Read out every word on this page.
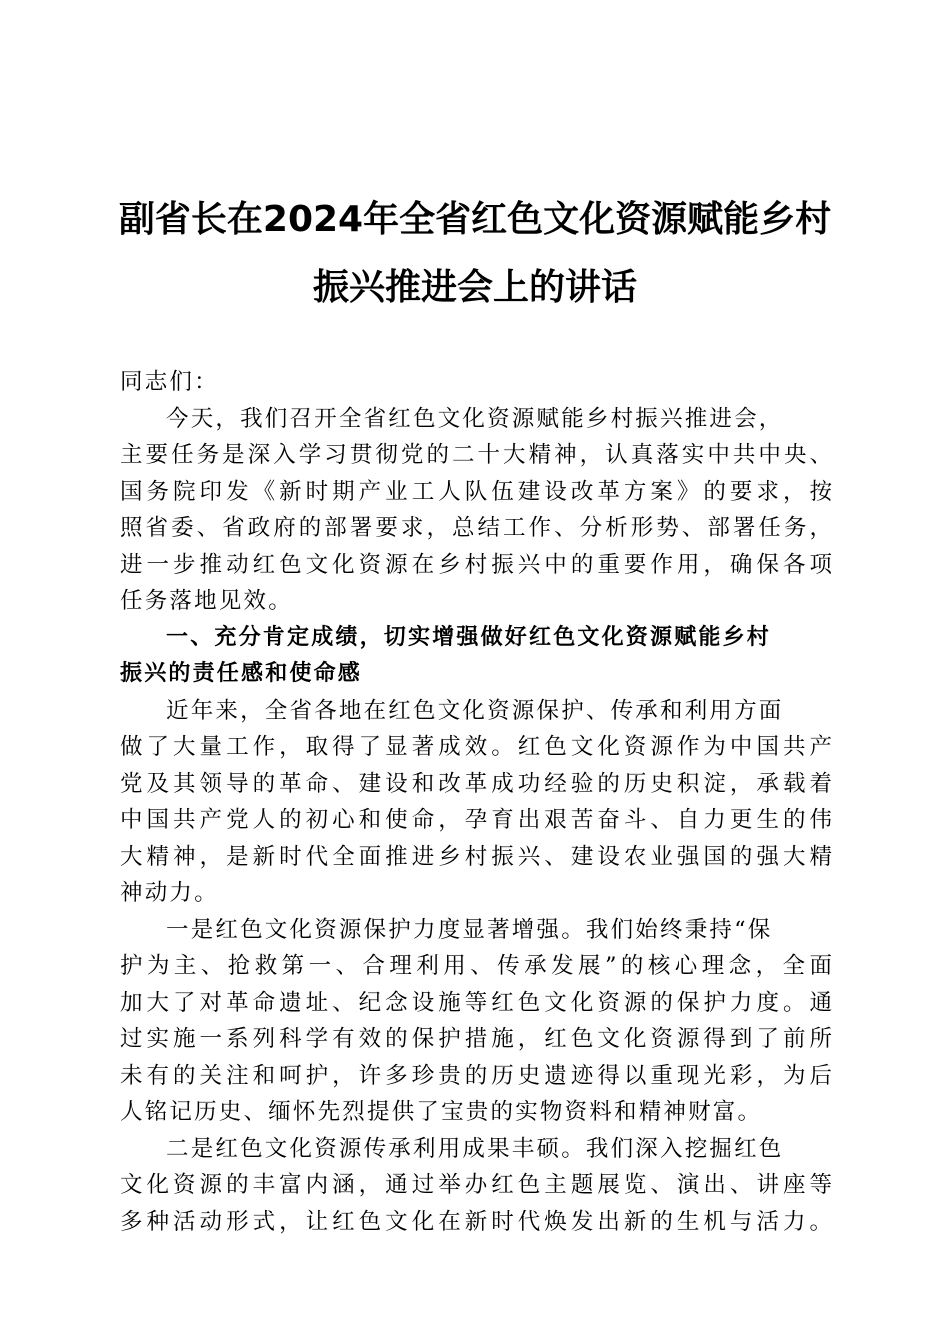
副省长在2024年全省红色文化资源赋能乡村
振兴推进会上的讲话
同志们：
今天，我们召开全省红色文化资源赋能乡村振兴推进会，
主要任务是深入学习贯彻党的二十大精神，认真落实中共中央、
国务院印发《新时期产业工人队伍建设改革方案》的要求，按
照省委、省政府的部署要求，总结工作、分析形势、部署任务，
进一步推动红色文化资源在乡村振兴中的重要作用，确保各项
任务落地见效。
一、充分肯定成绩，切实增强做好红色文化资源赋能乡村
振兴的责任感和使命感
近年来，全省各地在红色文化资源保护、传承和利用方面
做了大量工作，取得了显著成效。红色文化资源作为中国共产
党及其领导的革命、建设和改革成功经验的历史积淀，承载着
中国共产党人的初心和使命，孕育出艰苦奋斗、自力更生的伟
大精神，是新时代全面推进乡村振兴、建设农业强国的强大精
神动力。
一是红色文化资源保护力度显著增强。我们始终秉持“保
护为主、抢救第一、合理利用、传承发展”的核心理念，全面
加大了对革命遗址、纪念设施等红色文化资源的保护力度。通
过实施一系列科学有效的保护措施，红色文化资源得到了前所
未有的关注和呵护，许多珍贵的历史遗迹得以重现光彩，为后
人铭记历史、缅怀先烈提供了宝贵的实物资料和精神财富。
二是红色文化资源传承利用成果丰硕。我们深入挖掘红色
文化资源的丰富内涵，通过举办红色主题展览、演出、讲座等
多种活动形式，让红色文化在新时代焕发出新的生机与活力。
